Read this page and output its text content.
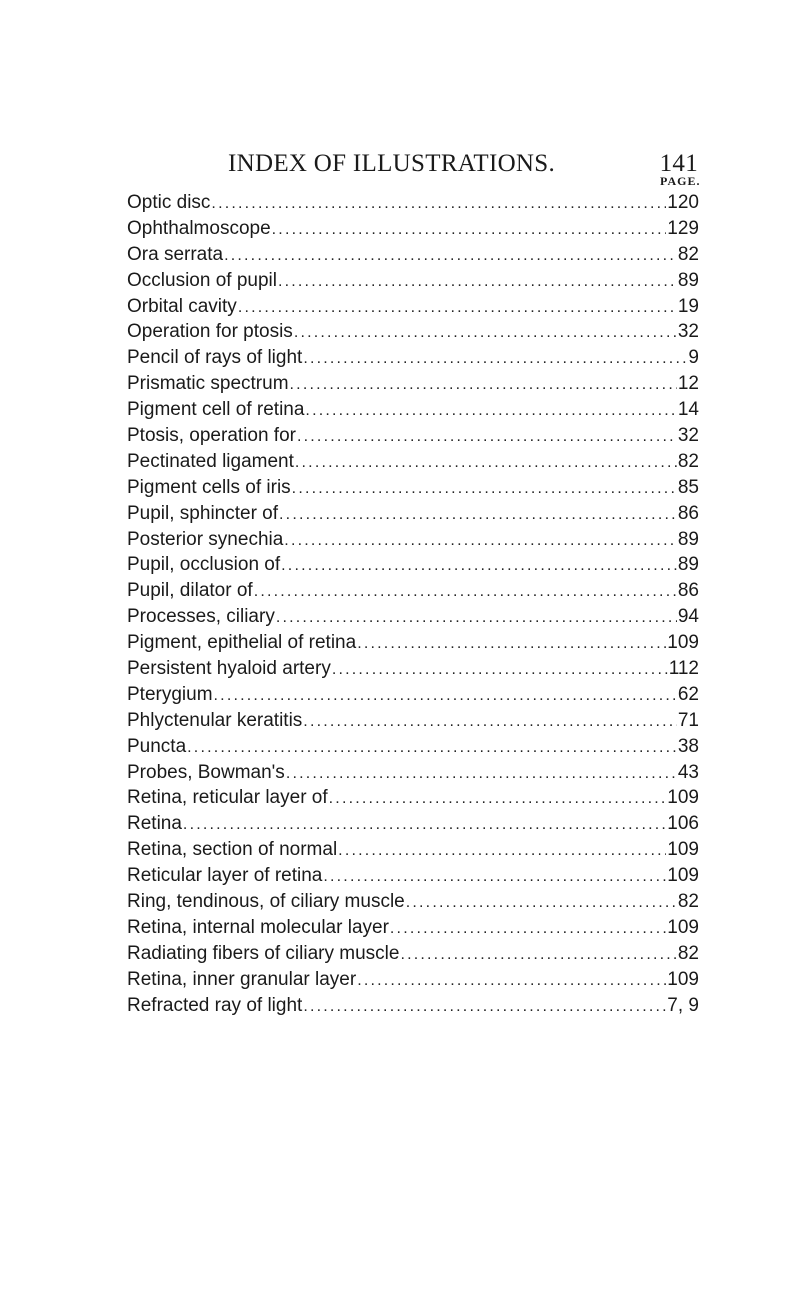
INDEX OF ILLUSTRATIONS.	141
PAGE.
Optic disc .....	120
Ophthalmoscope .....	129
Ora serrata .....	82
Occlusion of pupil .....	89
Orbital cavity .....	19
Operation for ptosis .....	32
Pencil of rays of light .....	9
Prismatic spectrum .....	12
Pigment cell of retina .....	14
Ptosis, operation for .....	32
Pectinated ligament .....	82
Pigment cells of iris .....	85
Pupil, sphincter of .....	86
Posterior synechia .....	89
Pupil, occlusion of .....	89
Pupil, dilator of .....	86
Processes, ciliary .....	94
Pigment, epithelial of retina .....	109
Persistent hyaloid artery .....	112
Pterygium .....	62
Phlyctenular keratitis .....	71
Puncta .....	38
Probes, Bowman's .....	43
Retina, reticular layer of .....	109
Retina .....	106
Retina, section of normal .....	109
Reticular layer of retina .....	109
Ring, tendinous, of ciliary muscle .....	82
Retina, internal molecular layer .....	109
Radiating fibers of ciliary muscle .....	82
Retina, inner granular layer .....	109
Refracted ray of light .....	7, 9
